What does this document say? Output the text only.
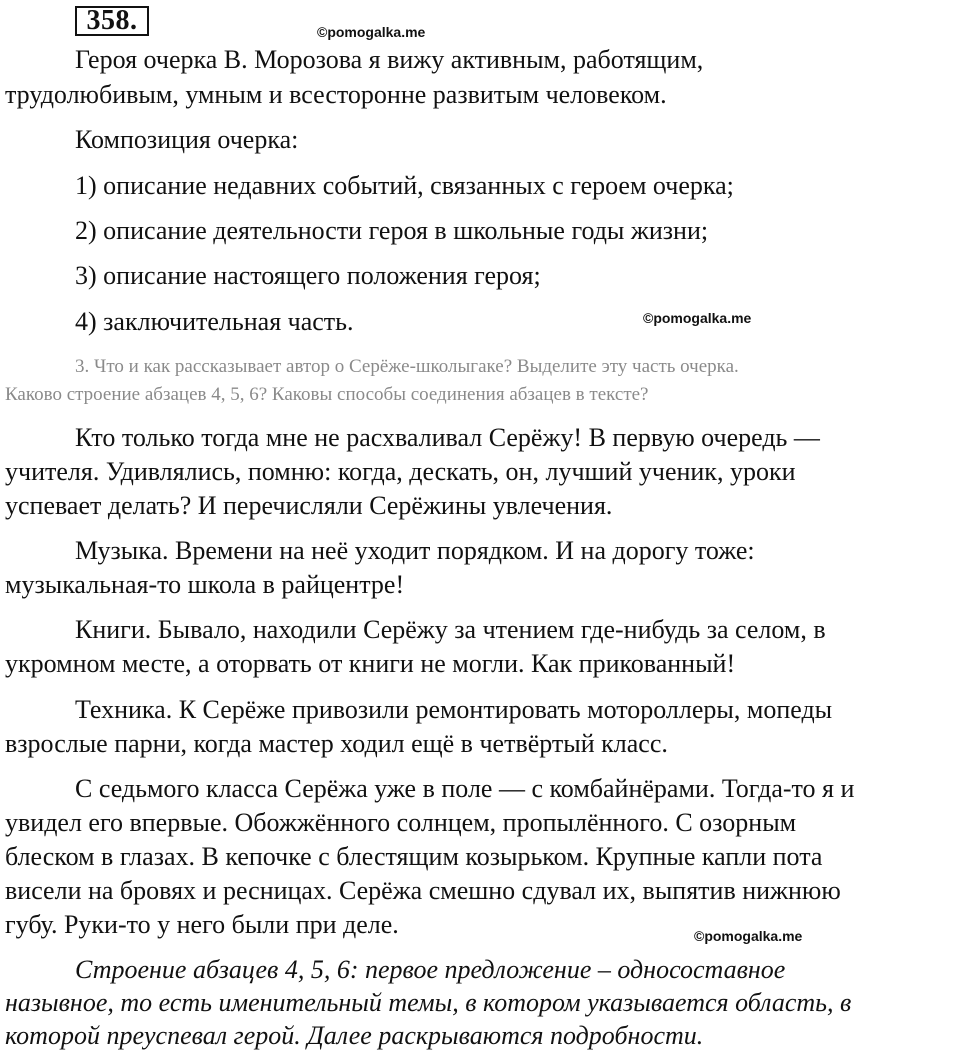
358.	©pomogalka.me
Героя очерка В. Морозова я вижу активным, работящим,
трудолюбивым, умным и всесторонне развитым человеком.
Композиция очерка:
1) описание недавних событий, связанных с героем очерка;
2) описание деятельности героя в школьные годы жизни;
3) описание настоящего положения героя;
4) заключительная часть.	©pomogalka.me
3. Что и как рассказывает автор о Серёже-школыгаке? Выделите эту часть очерка.
Каково строение абзацев 4, 5, 6? Каковы способы соединения абзацев в тексте?
Кто только тогда мне не расхваливал Серёжу! В первую очередь —
учителя. Удивлялись, помню: когда, дескать, он, лучший ученик, уроки
успевает делать? И перечисляли Серёжины увлечения.
Музыка. Времени на неё уходит порядком. И на дорогу тоже:
музыкальная-то школа в райцентре!
Книги. Бывало, находили Серёжу за чтением где-нибудь за селом, в
укромном месте, а оторвать от книги не могли. Как прикованный!
Техника. К Серёже привозили ремонтировать мотороллеры, мопеды
взрослые парни, когда мастер ходил ещё в четвёртый класс.
С седьмого класса Серёжа уже в поле — с комбайнёрами. Тогда-то я и
увидел его впервые. Обожжённого солнцем, пропылённого. С озорным
блеском в глазах. В кепочке с блестящим козырьком. Крупные капли пота
висели на бровях и ресницах. Серёжа смешно сдувал их, выпятив нижнюю
губу. Руки-то у него были при деле.	©pomogalka.me
Строение абзацев 4, 5, 6: первое предложение – односоставное
назывное, то есть именительный темы, в котором указывается область, в
которой преуспевал герой. Далее раскрываются подробности.
